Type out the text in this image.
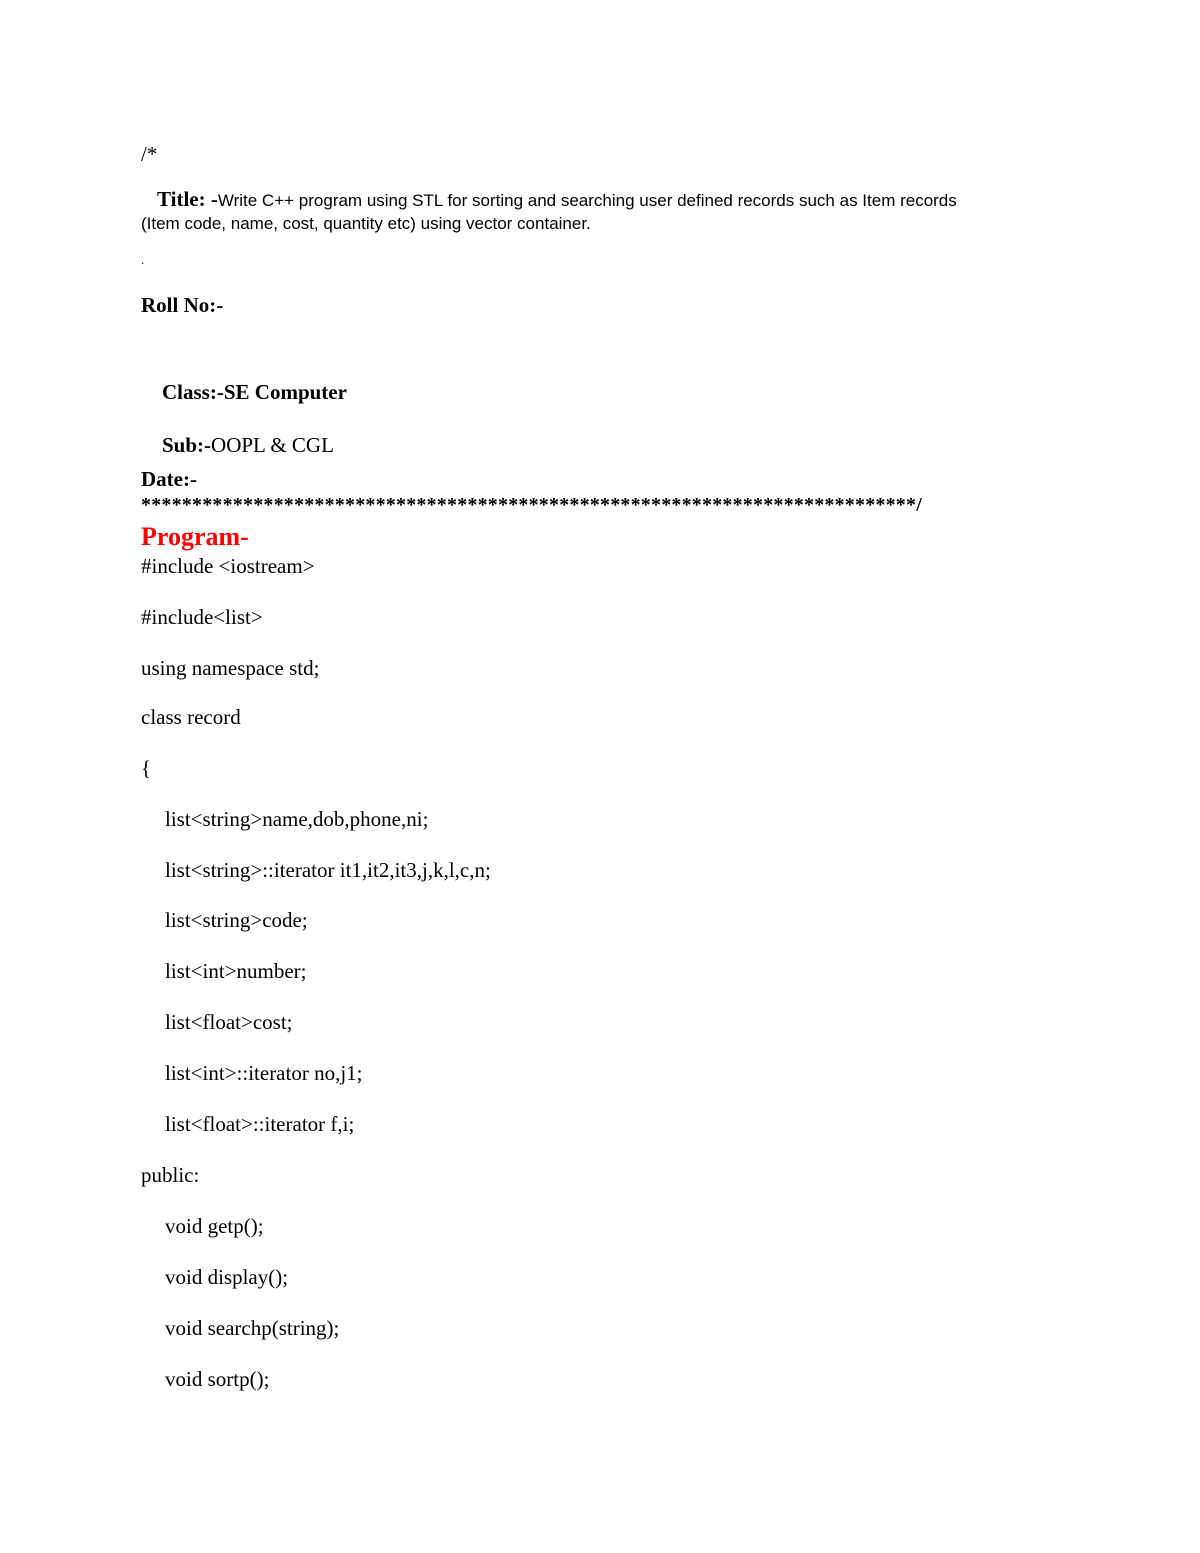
/*

Title: -Write C++ program using STL for sorting and searching user defined records such as Item records

(Item code, name, cost, quantity etc) using vector container.
.
Roll No:-

Class:-SE Computer

Sub:-OOPL & CGL

Date:-
****************************************************************************/
Program-
#include <iostream>
#include<list>
using namespace std;
class record
{
list<string>name,dob,phone,ni;
list<string>::iterator it1,it2,it3,j,k,l,c,n;
list<string>code;
list<int>number;
list<float>cost;
list<int>::iterator no,j1;
list<float>::iterator f,i;
public:
void getp();
void display();
void searchp(string);
void sortp();
